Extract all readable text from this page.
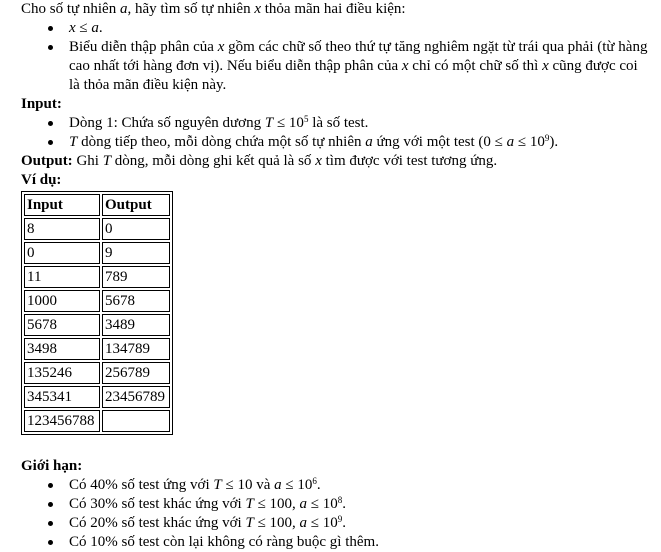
Cho số tự nhiên a, hãy tìm số tự nhiên x thỏa mãn hai điều kiện:

x ≤ a.
Biểu diễn thập phân của x gồm các chữ số theo thứ tự tăng nghiêm ngặt từ trái qua phải (từ hàng cao nhất tới hàng đơn vị). Nếu biểu diễn thập phân của x chỉ có một chữ số thì x cũng được coi là thỏa mãn điều kiện này.

Input:

Dòng 1: Chứa số nguyên dương $T \le 10^5$ là số test.
T dòng tiếp theo, mỗi dòng chứa một số tự nhiên a ứng với một test $(0 \le a \le 10^9)$.

Output: Ghi T dòng, mỗi dòng ghi kết quả là số x tìm được với test tương ứng.

Ví dụ:

Input	Output
8	0
0	9
11	789
1000	5678
5678	3489
3498	134789
135246	256789
345341	23456789
123456788	

Giới hạn:

Có 40% số test ứng với T ≤ 10 và $a \le 10^6$.
Có 30% số test khác ứng với T ≤ 100, $a \le 10^8$.
Có 20% số test khác ứng với T ≤ 100, $a \le 10^9$.
Có 10% số test còn lại không có ràng buộc gì thêm.
